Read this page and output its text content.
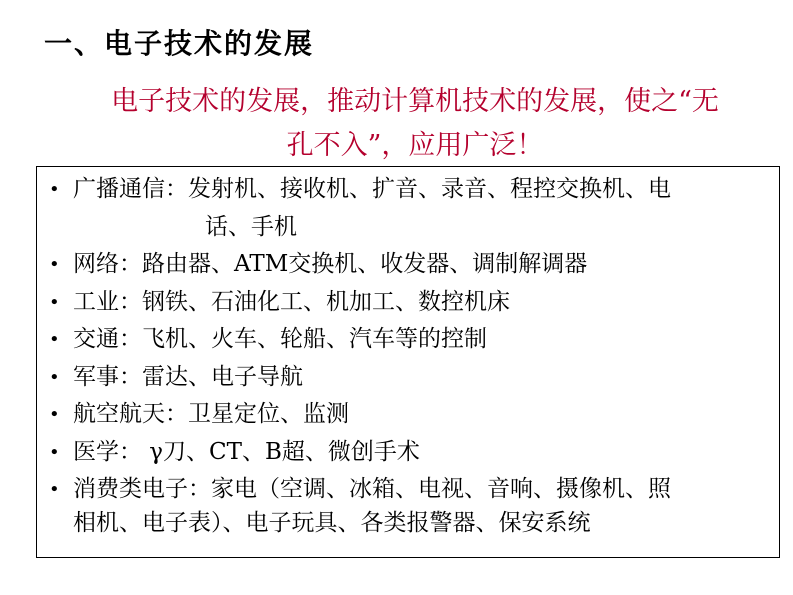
一、电子技术的发展
电子技术的发展，推动计算机技术的发展，使之“无
孔不入”，应用广泛！
• 广播通信：发射机、接收机、扩音、录音、程控交换机、电
话、手机
• 网络：路由器、ATM交换机、收发器、调制解调器
• 工业：钢铁、石油化工、机加工、数控机床
• 交通：飞机、火车、轮船、汽车等的控制
• 军事：雷达、电子导航
• 航空航天：卫星定位、监测
• 医学： γ刀、CT、B超、微创手术
• 消费类电子：家电（空调、冰箱、电视、音响、摄像机、照
相机、电子表）、电子玩具、各类报警器、保安系统
